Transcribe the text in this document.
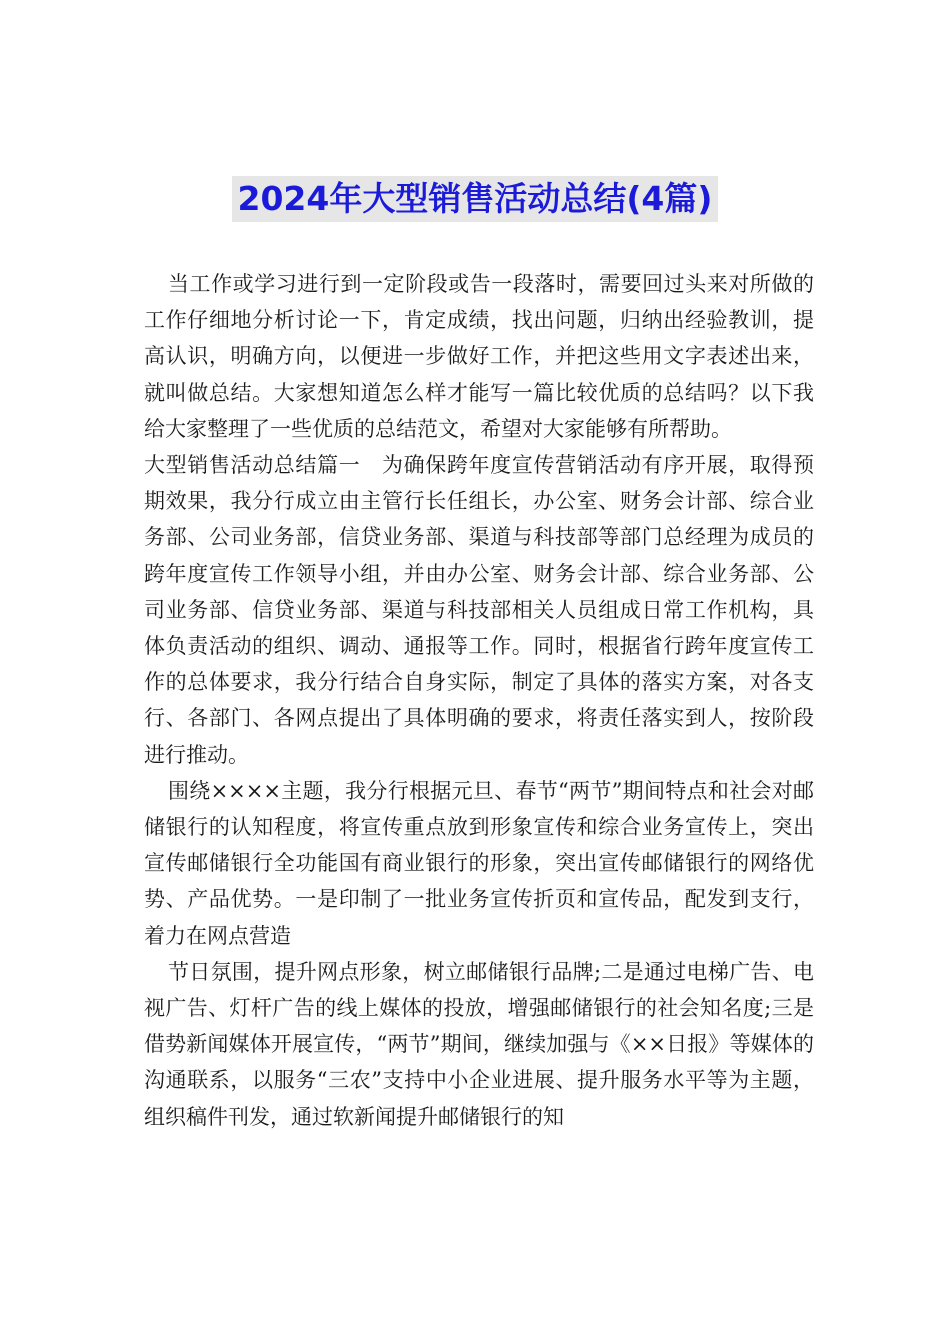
2024年大型销售活动总结(4篇)

当工作或学习进行到一定阶段或告一段落时，需要回过头来对所做的工作仔细地分析讨论一下，肯定成绩，找出问题，归纳出经验教训，提高认识，明确方向，以便进一步做好工作，并把这些用文字表述出来，就叫做总结。大家想知道怎么样才能写一篇比较优质的总结吗？以下我给大家整理了一些优质的总结范文，希望对大家能够有所帮助。

大型销售活动总结篇一　为确保跨年度宣传营销活动有序开展，取得预期效果，我分行成立由主管行长任组长，办公室、财务会计部、综合业务部、公司业务部，信贷业务部、渠道与科技部等部门总经理为成员的跨年度宣传工作领导小组，并由办公室、财务会计部、综合业务部、公司业务部、信贷业务部、渠道与科技部相关人员组成日常工作机构，具体负责活动的组织、调动、通报等工作。同时，根据省行跨年度宣传工作的总体要求，我分行结合自身实际，制定了具体的落实方案，对各支行、各部门、各网点提出了具体明确的要求，将责任落实到人，按阶段进行推动。

围绕××××主题，我分行根据元旦、春节“两节”期间特点和社会对邮储银行的认知程度，将宣传重点放到形象宣传和综合业务宣传上，突出宣传邮储银行全功能国有商业银行的形象，突出宣传邮储银行的网络优势、产品优势。一是印制了一批业务宣传折页和宣传品，配发到支行，着力在网点营造

节日氛围，提升网点形象，树立邮储银行品牌;二是通过电梯广告、电视广告、灯杆广告的线上媒体的投放，增强邮储银行的社会知名度;三是借势新闻媒体开展宣传，“两节”期间，继续加强与《××日报》等媒体的沟通联系，以服务“三农”支持中小企业进展、提升服务水平等为主题，组织稿件刊发，通过软新闻提升邮储银行的知
